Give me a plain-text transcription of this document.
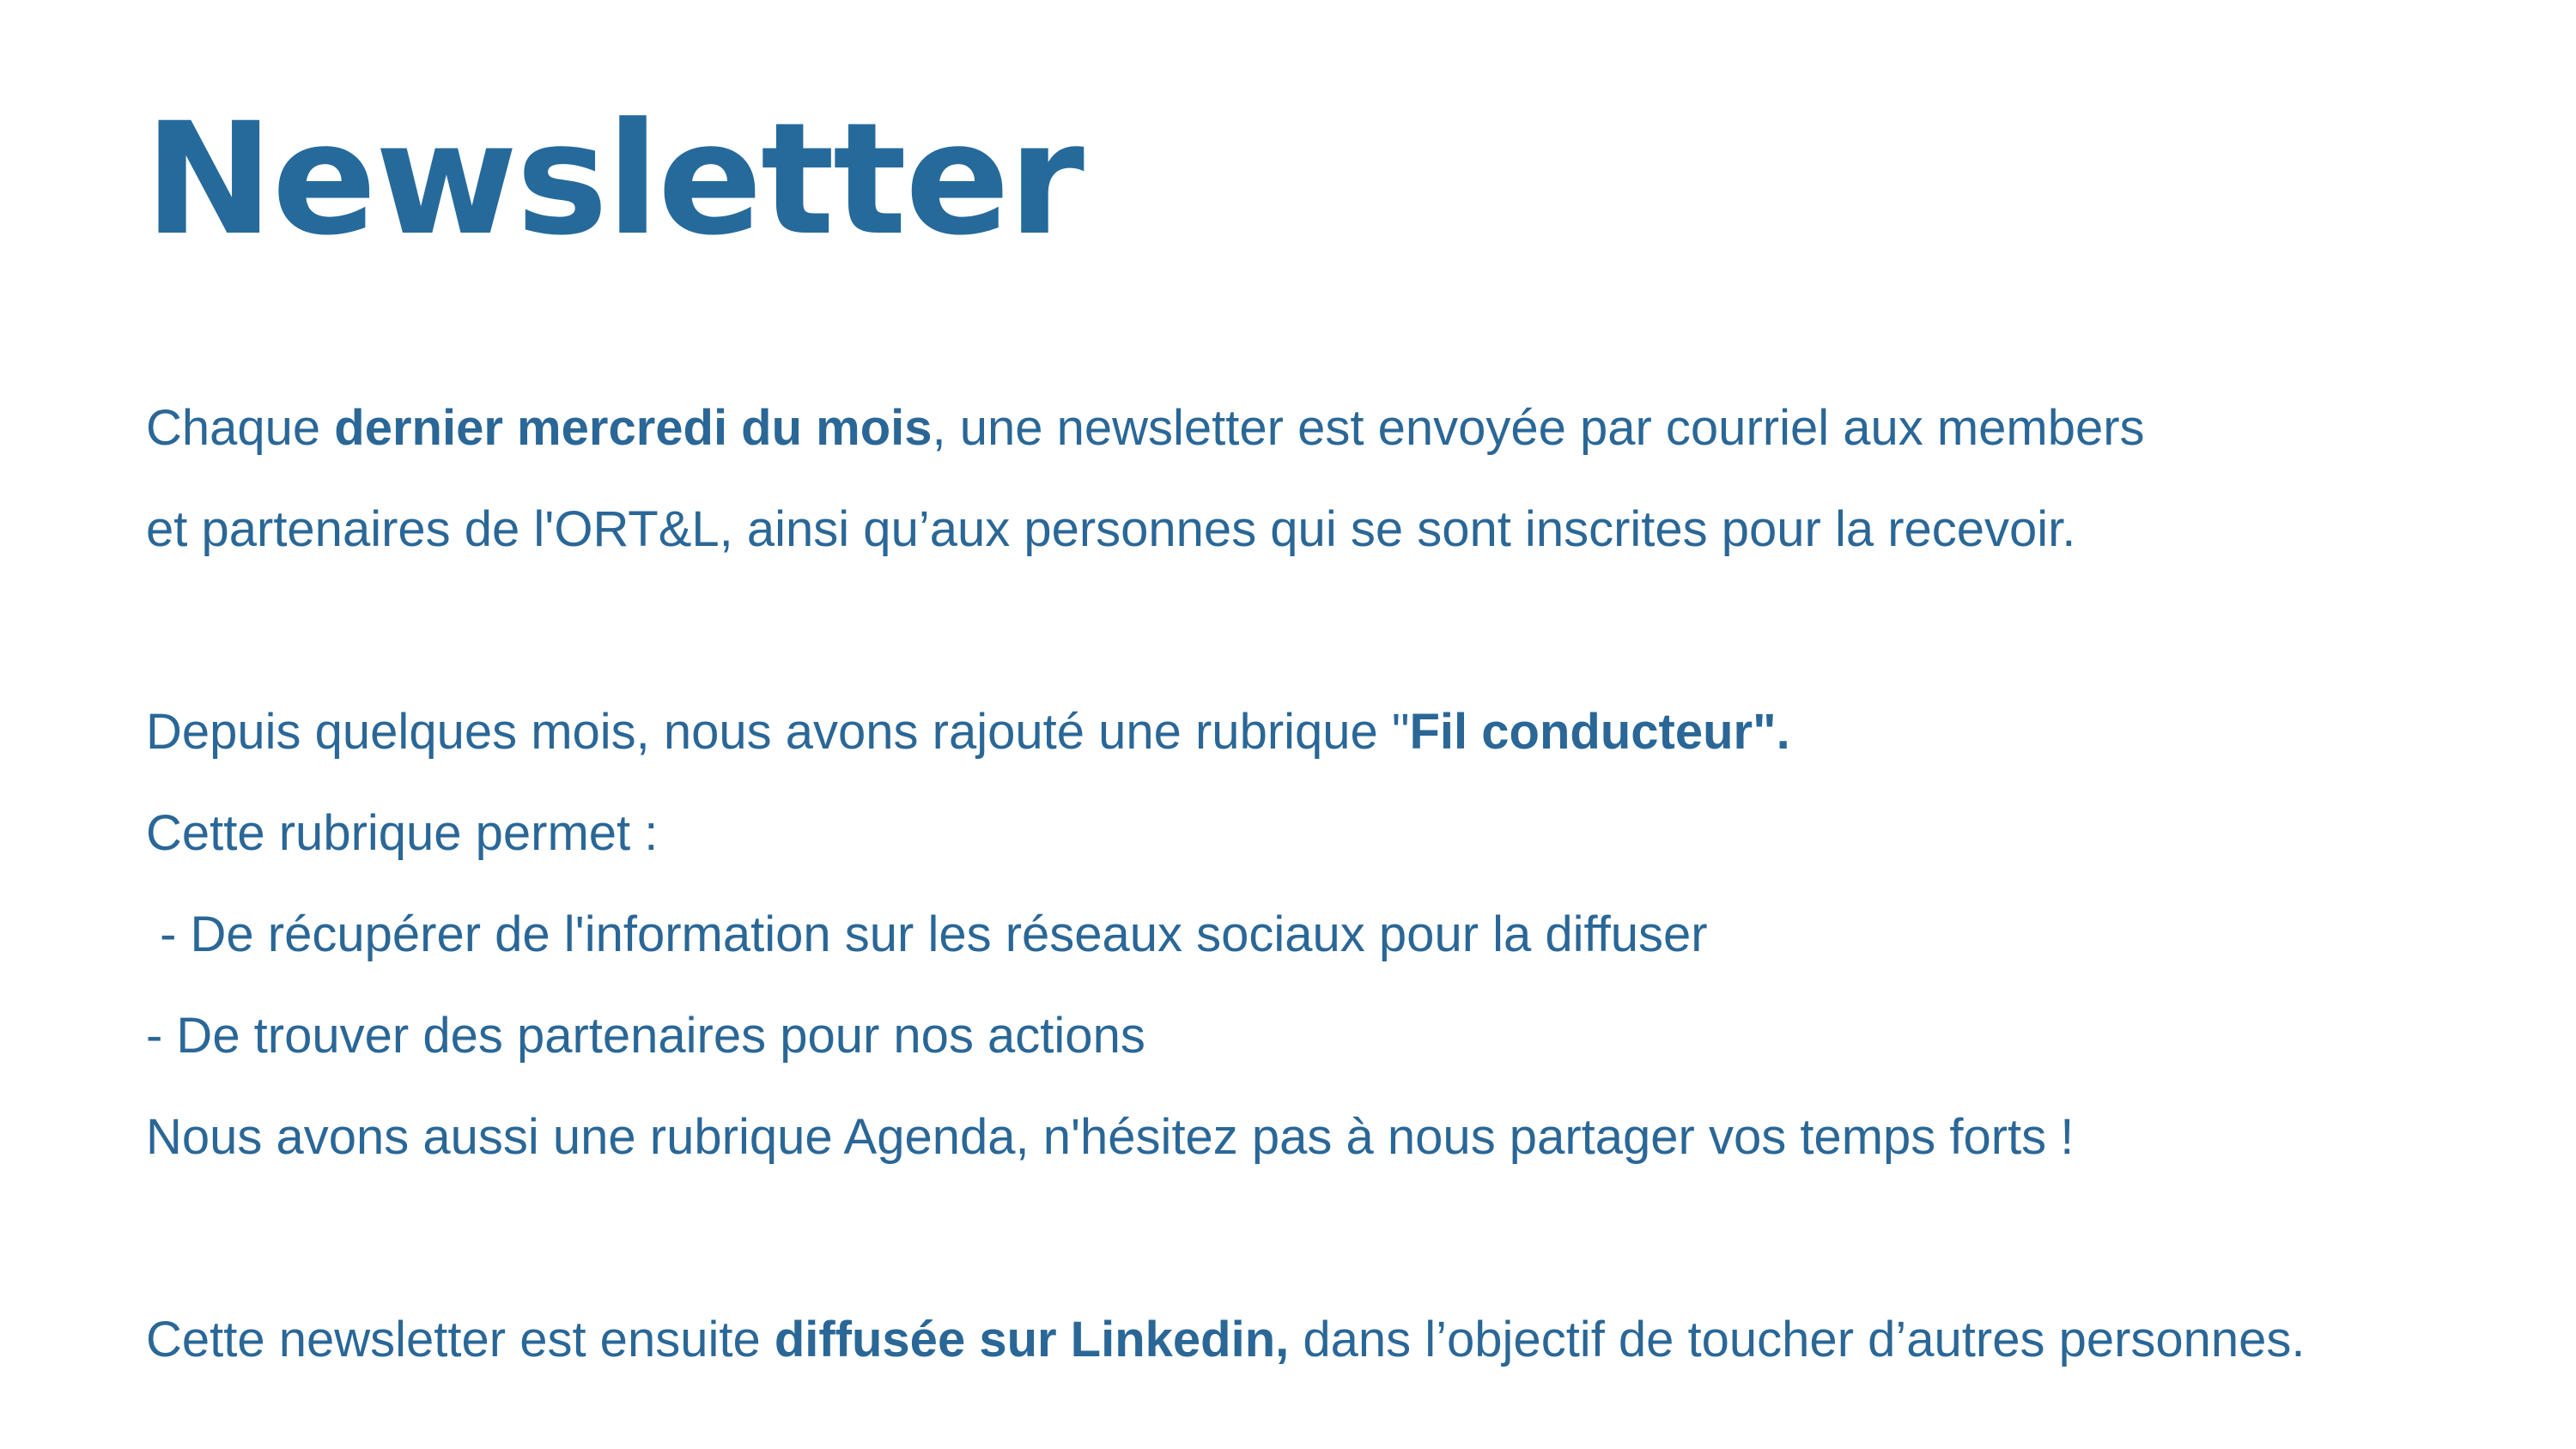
Newsletter
Chaque dernier mercredi du mois, une newsletter est envoyée par courriel aux members
et partenaires de l'ORT&L, ainsi qu’aux personnes qui se sont inscrites pour la recevoir.
Depuis quelques mois, nous avons rajouté une rubrique "Fil conducteur".
Cette rubrique permet :
- De récupérer de l'information sur les réseaux sociaux pour la diffuser
- De trouver des partenaires pour nos actions
Nous avons aussi une rubrique Agenda, n'hésitez pas à nous partager vos temps forts !
Cette newsletter est ensuite diffusée sur Linkedin, dans l’objectif de toucher d’autres personnes.
